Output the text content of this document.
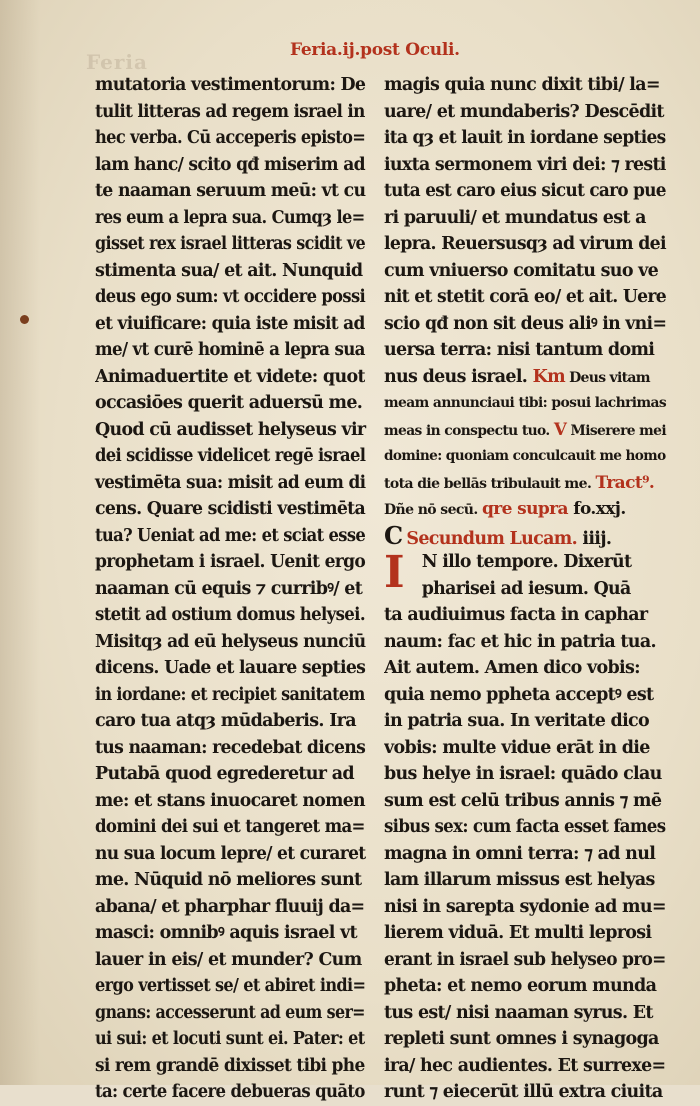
Feria	Feria.ij.post Oculi.
mutatoria vestimentorum: De
tulit litteras ad regem israel in
hec verba. Cū acceperis episto=
lam hanc/ scito qđ miserim ad
te naaman seruum meū: vt cu
res eum a lepra sua. Cumqȝ le=
gisset rex israel litteras scidit ve
stimenta sua/ et ait. Nunquid
deus ego sum: vt occidere possi
et viuificare: quia iste misit ad
me/ vt curē hominē a lepra sua
Animaduertite et videte: quot
occasiōes querit aduersū me.
Quod cū audisset helyseus vir
dei scidisse videlicet regē israel
vestimēta sua: misit ad eum di
cens. Quare scidisti vestimēta
tua? Ueniat ad me: et sciat esse
prophetam i israel. Uenit ergo
naaman cū equis ⁊ curribꝰ/ et
stetit ad ostium domus helysei.
Misitqȝ ad eū helyseus nunciū
dicens. Uade et lauare septies
in iordane: et recipiet sanitatem
caro tua atqȝ mūdaberis. Ira
tus naaman: recedebat dicens
Putabā quod egrederetur ad
me: et stans inuocaret nomen
domini dei sui et tangeret ma=
nu sua locum lepre/ et curaret
me. Nūquid nō meliores sunt
abana/ et pharphar fluuij da=
masci: omnibꝰ aquis israel vt
lauer in eis/ et munder? Cum
ergo vertisset se/ et abiret indi=
gnans: accesserunt ad eum ser=
ui sui: et locuti sunt ei. Pater: et
si rem grandē dixisset tibi phe
ta: certe facere debueras quāto
magis quia nunc dixit tibi/ la=
uare/ et mundaberis? Descēdit
ita qȝ et lauit in iordane septies
iuxta sermonem viri dei: ⁊ resti
tuta est caro eius sicut caro pue
ri paruuli/ et mundatus est a
lepra. Reuersusqȝ ad virum dei
cum vniuerso comitatu suo ve
nit et stetit corā eo/ et ait. Uere
scio qđ non sit deus aliꝰ in vni=
uersa terra: nisi tantum domi
nus deus israel. Km Deus vitam
meam annunciaui tibi: posui lachrimas
meas in conspectu tuo. V Miserere mei
domine: quoniam conculcauit me homo
tota die bellās tribulauit me. Tract⁹.
Dñe nō secū. qre supra fo.xxj.
C Secundum Lucam. iiij.
I N illo tempore. Dixerūt
pharisei ad iesum. Quā
ta audiuimus facta in caphar
naum: fac et hic in patria tua.
Ait autem. Amen dico vobis:
quia nemo ppheta acceptꝰ est
in patria sua. In veritate dico
vobis: multe vidue erāt in die
bus helye in israel: quādo clau
sum est celū tribus annis ⁊ mē
sibus sex: cum facta esset fames
magna in omni terra: ⁊ ad nul
lam illarum missus est helyas
nisi in sarepta sydonie ad mu=
lierem viduā. Et multi leprosi
erant in israel sub helyseo pro=
pheta: et nemo eorum munda
tus est/ nisi naaman syrus. Et
repleti sunt omnes i synagoga
ira/ hec audientes. Et surrexe=
runt ⁊ eiecerūt illū extra ciuita
